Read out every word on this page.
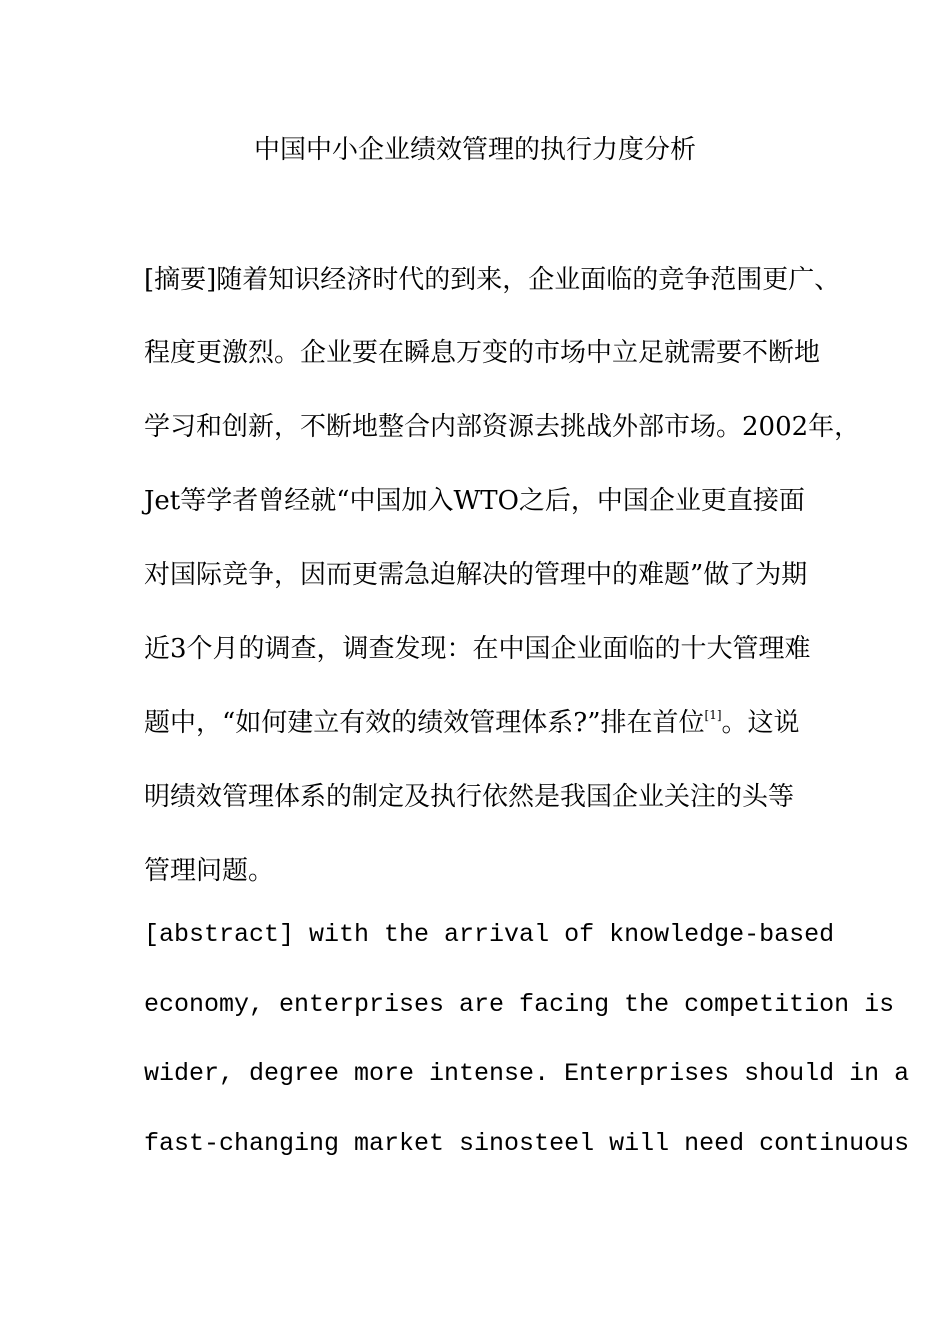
中国中小企业绩效管理的执行力度分析
[摘要]随着知识经济时代的到来，企业面临的竞争范围更广、
程度更激烈。企业要在瞬息万变的市场中立足就需要不断地
学习和创新，不断地整合内部资源去挑战外部市场。2002年，
Jet等学者曾经就“中国加入WTO之后，中国企业更直接面
对国际竞争，因而更需急迫解决的管理中的难题”做了为期
近3个月的调查，调查发现：在中国企业面临的十大管理难
题中，“如何建立有效的绩效管理体系?”排在首位[1]。这说
明绩效管理体系的制定及执行依然是我国企业关注的头等
管理问题。
[abstract] with the arrival of knowledge-based
economy, enterprises are facing the competition is
wider, degree more intense. Enterprises should in a
fast-changing market sinosteel will need continuous
